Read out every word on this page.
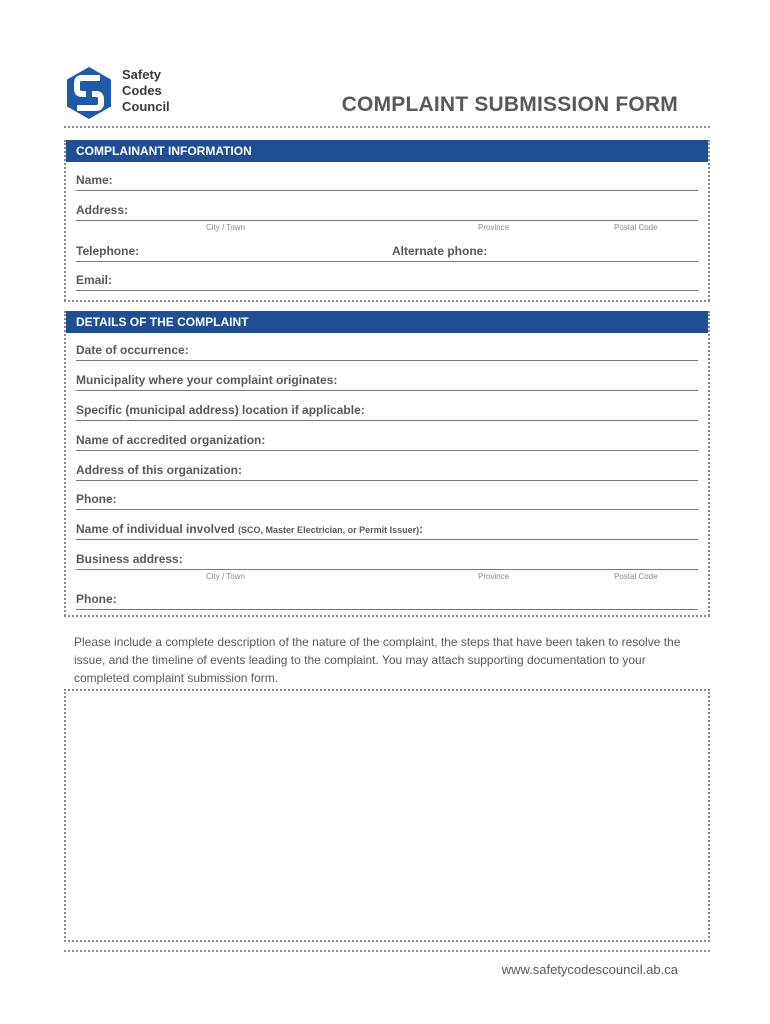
Safety
Codes
Council	COMPLAINT SUBMISSION FORM
COMPLAINANT INFORMATION
Name:
Address:
City / Town	Province	Postal Code
Telephone:	Alternate phone:
Email:
DETAILS OF THE COMPLAINT
Date of occurrence:
Municipality where your complaint originates:
Specific (municipal address) location if applicable:
Name of accredited organization:
Address of this organization:
Phone:
Name of individual involved (SCO, Master Electrician, or Permit Issuer):
Business address:
City / Town	Province	Postal Code
Phone:
Please include a complete description of the nature of the complaint, the steps that have been taken to resolve the issue, and the timeline of events leading to the complaint. You may attach supporting documentation to your completed complaint submission form.
www.safetycodescouncil.ab.ca
